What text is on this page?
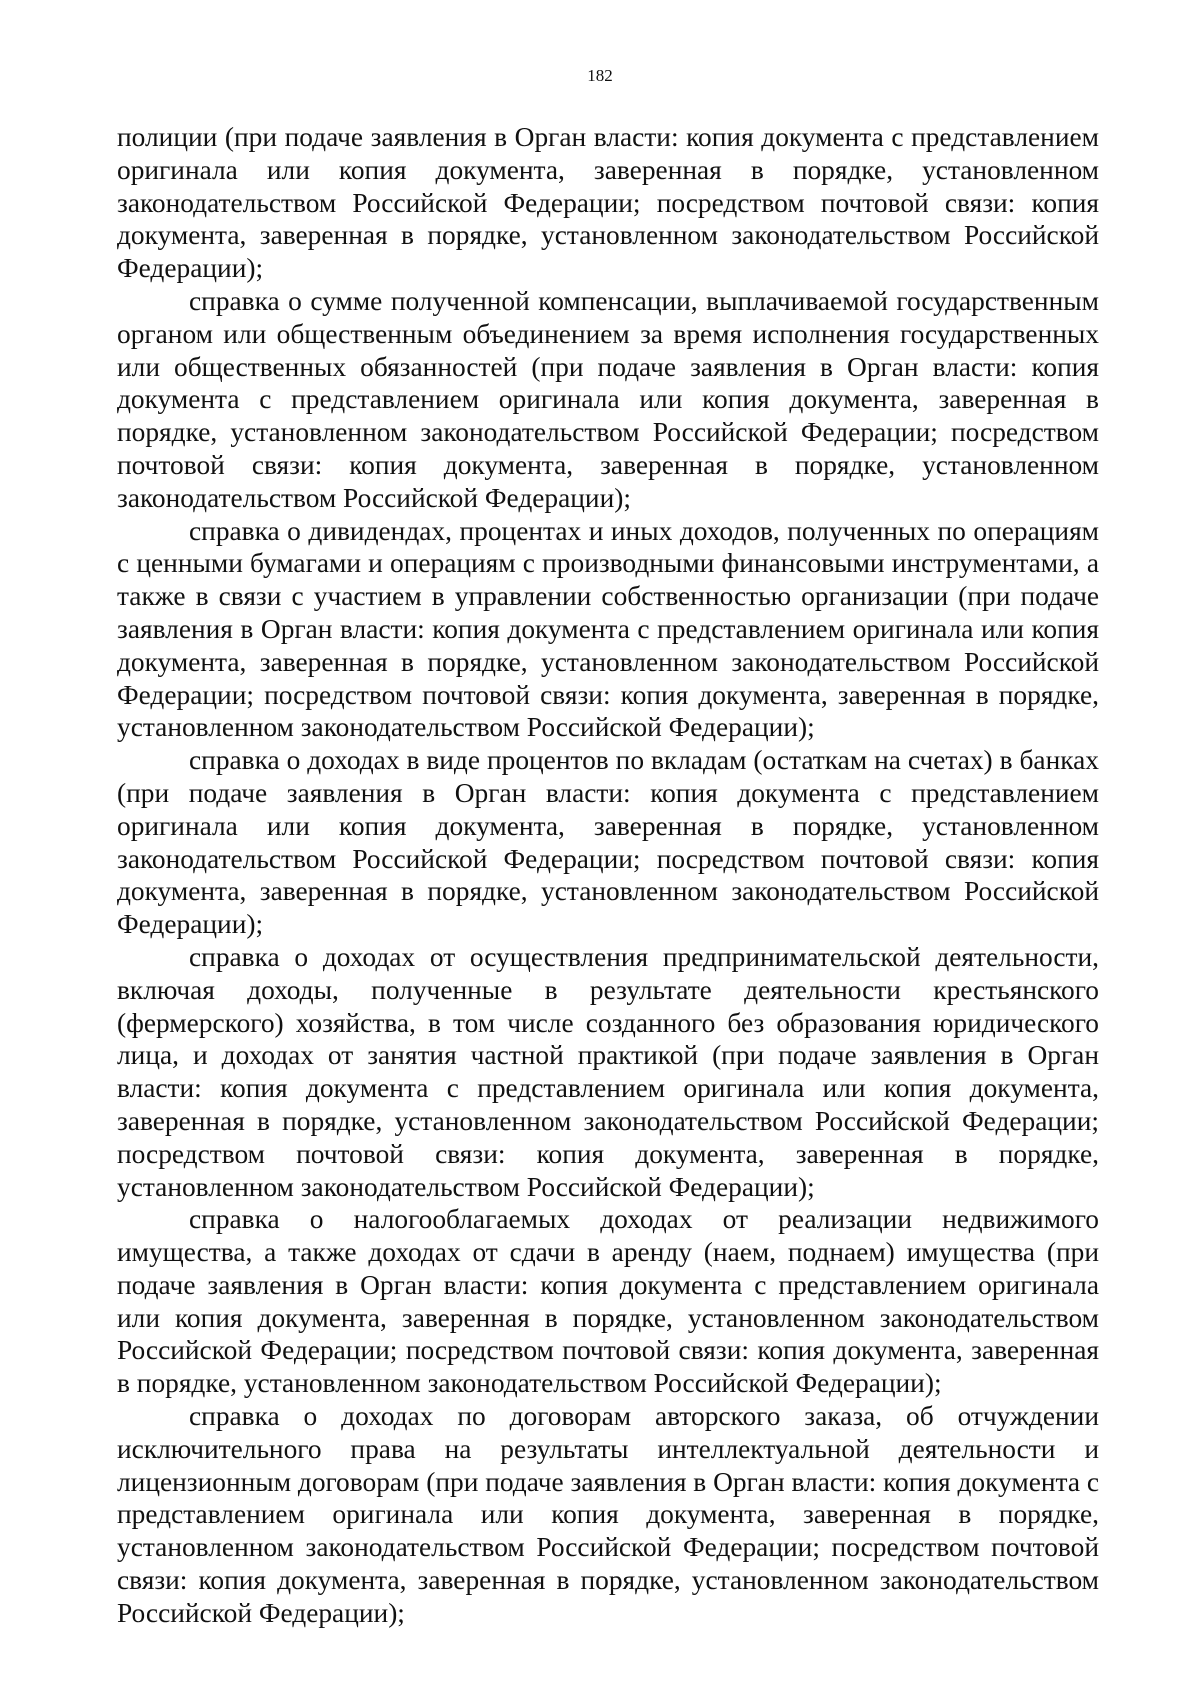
182

полиции (при подаче заявления в Орган власти: копия документа с представлением оригинала или копия документа, заверенная в порядке, установленном законодательством Российской Федерации; посредством почтовой связи: копия документа, заверенная в порядке, установленном законодательством Российской Федерации);

справка о сумме полученной компенсации, выплачиваемой государственным органом или общественным объединением за время исполнения государственных или общественных обязанностей (при подаче заявления в Орган власти: копия документа с представлением оригинала или копия документа, заверенная в порядке, установленном законодательством Российской Федерации; посредством почтовой связи: копия документа, заверенная в порядке, установленном законодательством Российской Федерации);

справка о дивидендах, процентах и иных доходов, полученных по операциям с ценными бумагами и операциям с производными финансовыми инструментами, а также в связи с участием в управлении собственностью организации (при подаче заявления в Орган власти: копия документа с представлением оригинала или копия документа, заверенная в порядке, установленном законодательством Российской Федерации; посредством почтовой связи: копия документа, заверенная в порядке, установленном законодательством Российской Федерации);

справка о доходах в виде процентов по вкладам (остаткам на счетах) в банках (при подаче заявления в Орган власти: копия документа с представлением оригинала или копия документа, заверенная в порядке, установленном законодательством Российской Федерации; посредством почтовой связи: копия документа, заверенная в порядке, установленном законодательством Российской Федерации);

справка о доходах от осуществления предпринимательской деятельности, включая доходы, полученные в результате деятельности крестьянского (фермерского) хозяйства, в том числе созданного без образования юридического лица, и доходах от занятия частной практикой (при подаче заявления в Орган власти: копия документа с представлением оригинала или копия документа, заверенная в порядке, установленном законодательством Российской Федерации; посредством почтовой связи: копия документа, заверенная в порядке, установленном законодательством Российской Федерации);

справка о налогооблагаемых доходах от реализации недвижимого имущества, а также доходах от сдачи в аренду (наем, поднаем) имущества (при подаче заявления в Орган власти: копия документа с представлением оригинала или копия документа, заверенная в порядке, установленном законодательством Российской Федерации; посредством почтовой связи: копия документа, заверенная в порядке, установленном законодательством Российской Федерации);

справка о доходах по договорам авторского заказа, об отчуждении исключительного права на результаты интеллектуальной деятельности и лицензионным договорам (при подаче заявления в Орган власти: копия документа с представлением оригинала или копия документа, заверенная в порядке, установленном законодательством Российской Федерации; посредством почтовой связи: копия документа, заверенная в порядке, установленном законодательством Российской Федерации);
